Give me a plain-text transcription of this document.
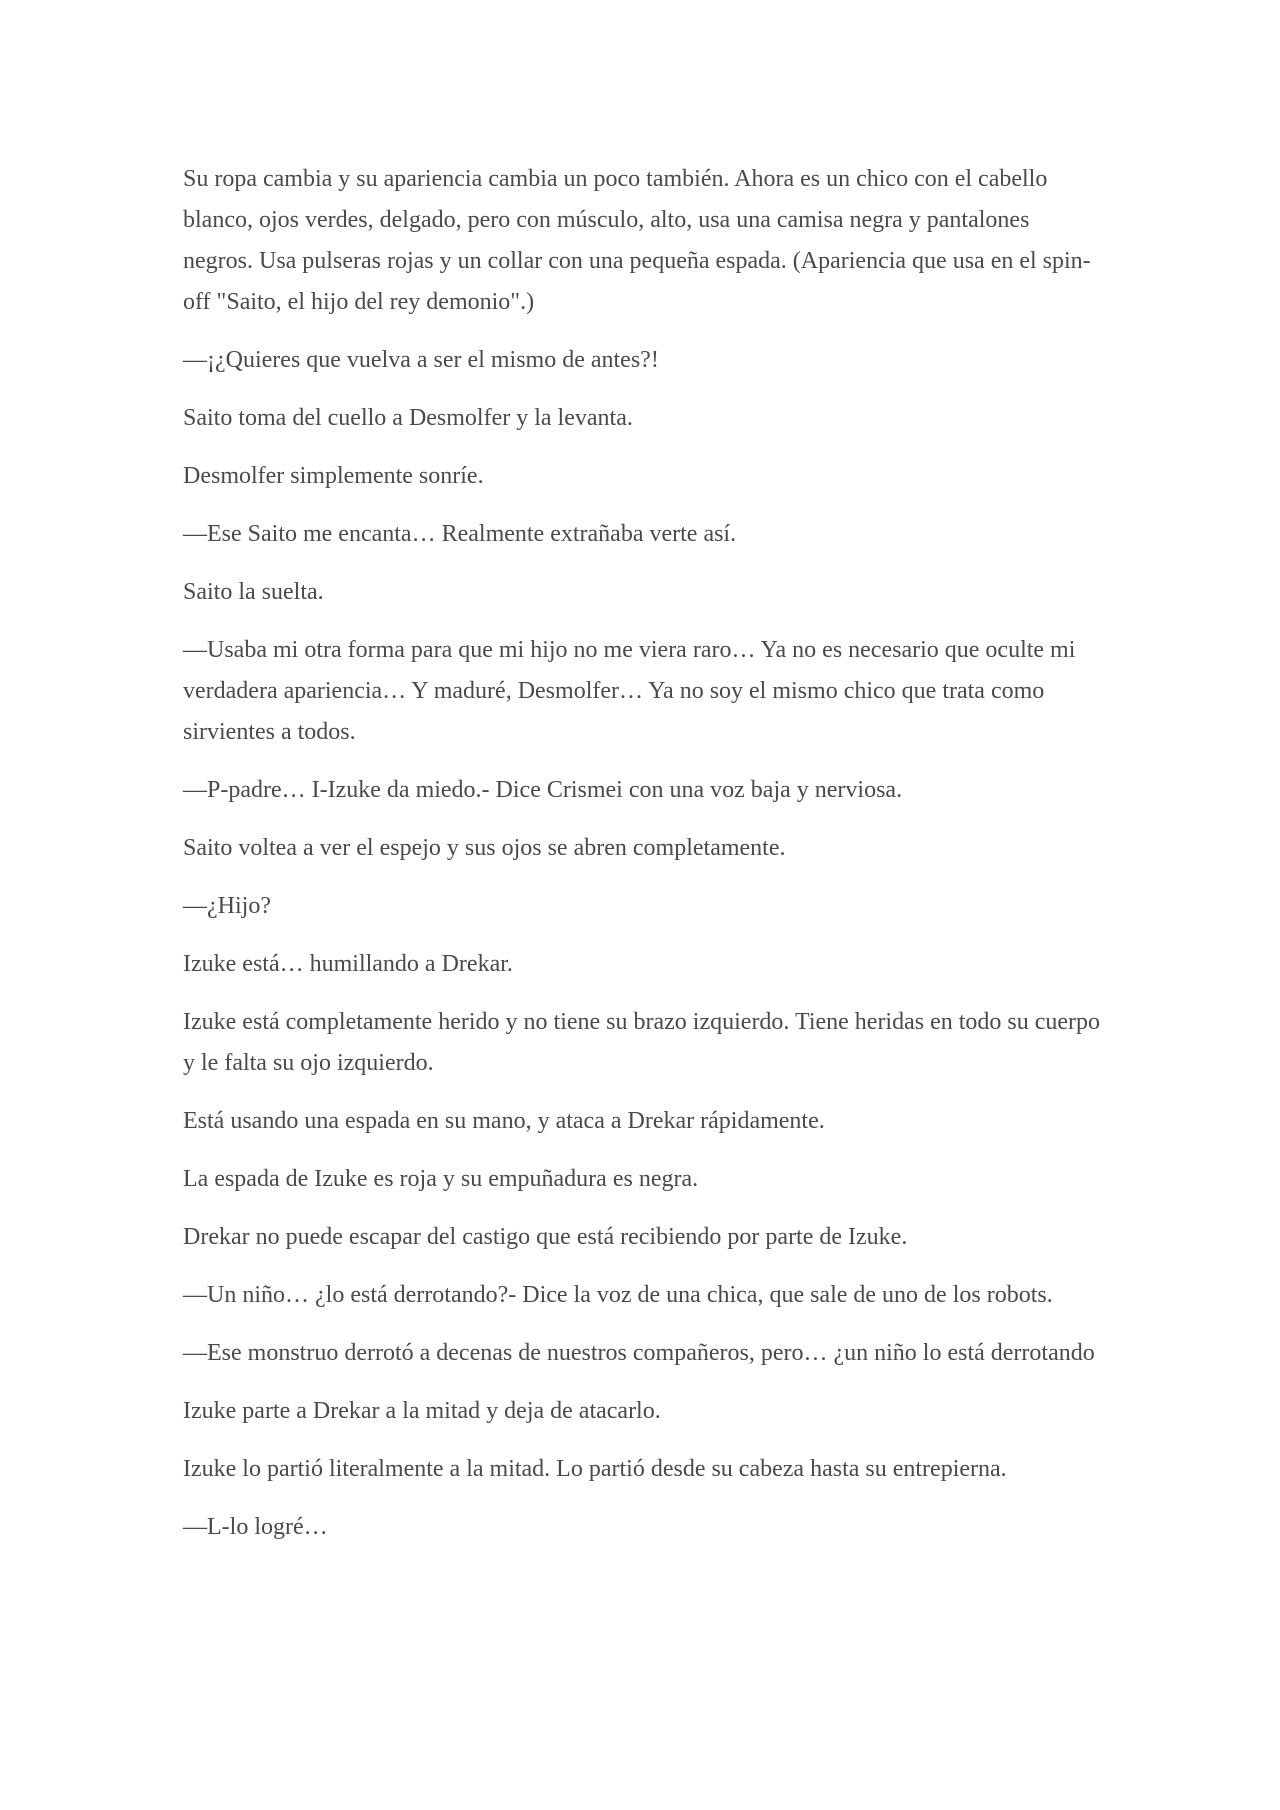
Su ropa cambia y su apariencia cambia un poco también. Ahora es un chico con el cabello blanco, ojos verdes, delgado, pero con músculo, alto, usa una camisa negra y pantalones negros. Usa pulseras rojas y un collar con una pequeña espada. (Apariencia que usa en el spin-off "Saito, el hijo del rey demonio".)

—¡¿Quieres que vuelva a ser el mismo de antes?!

Saito toma del cuello a Desmolfer y la levanta.

Desmolfer simplemente sonríe.

—Ese Saito me encanta… Realmente extrañaba verte así.

Saito la suelta.

—Usaba mi otra forma para que mi hijo no me viera raro… Ya no es necesario que oculte mi verdadera apariencia… Y maduré, Desmolfer… Ya no soy el mismo chico que trata como sirvientes a todos.

—P-padre… I-Izuke da miedo.- Dice Crismei con una voz baja y nerviosa.

Saito voltea a ver el espejo y sus ojos se abren completamente.

—¿Hijo?

Izuke está… humillando a Drekar.

Izuke está completamente herido y no tiene su brazo izquierdo. Tiene heridas en todo su cuerpo y le falta su ojo izquierdo.

Está usando una espada en su mano, y ataca a Drekar rápidamente.

La espada de Izuke es roja y su empuñadura es negra.

Drekar no puede escapar del castigo que está recibiendo por parte de Izuke.

—Un niño… ¿lo está derrotando?- Dice la voz de una chica, que sale de uno de los robots.

—Ese monstruo derrotó a decenas de nuestros compañeros, pero… ¿un niño lo está derrotando

Izuke parte a Drekar a la mitad y deja de atacarlo.

Izuke lo partió literalmente a la mitad. Lo partió desde su cabeza hasta su entrepierna.

—L-lo logré…
